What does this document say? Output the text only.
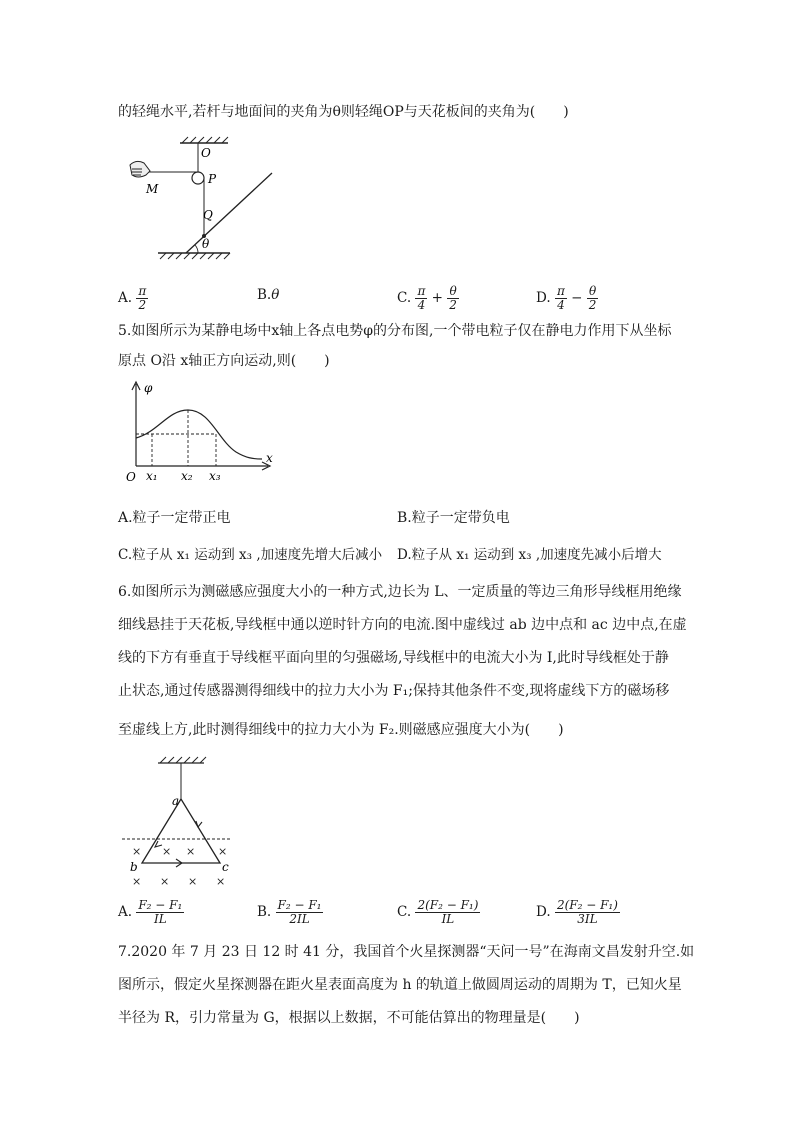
的轻绳水平,若杆与地面间的夹角为θ则轻绳OP与天花板间的夹角为(　　)
O
P
M
Q
θ
A. $\frac{\pi}{2}$	B.θ	C. $\frac{\pi}{4} + \frac{\theta}{2}$	D. $\frac{\pi}{4} - \frac{\theta}{2}$
5.如图所示为某静电场中x轴上各点电势φ的分布图,一个带电粒子仅在静电力作用下从坐标
原点 O沿 x轴正方向运动,则(　　)
φ
x
O x₁ x₂ x₃
A.粒子一定带正电	B.粒子一定带负电
C.粒子从 x₁ 运动到 x₃ ,加速度先增大后减小 D.粒子从 x₁ 运动到 x₃ ,加速度先减小后增大
6.如图所示为测磁感应强度大小的一种方式,边长为 L、一定质量的等边三角形导线框用绝缘
细线悬挂于天花板,导线框中通以逆时针方向的电流.图中虚线过 ab 边中点和 ac 边中点,在虚
线的下方有垂直于导线框平面向里的匀强磁场,导线框中的电流大小为 I,此时导线框处于静
止状态,通过传感器测得细线中的拉力大小为 F₁;保持其他条件不变,现将虚线下方的磁场移
至虚线上方,此时测得细线中的拉力大小为 F₂.则磁感应强度大小为(　　)
× × × ×
× × × ×
a
b	c
A. $\frac{\text{F₂ − F₁}}{IL}$	B. $\frac{\text{F₂ − F₁}}{2IL}$	C. $\frac{\text{2(F₂ − F₁)}}{IL}$	D. $\frac{\text{2(F₂ − F₁)}}{3IL}$
7.2020 年 7 月 23 日 12 时 41 分，我国首个火星探测器“天问一号”在海南文昌发射升空.如
图所示，假定火星探测器在距火星表面高度为 h 的轨道上做圆周运动的周期为 T，已知火星
半径为 R，引力常量为 G，根据以上数据，不可能估算出的物理量是(　　)
